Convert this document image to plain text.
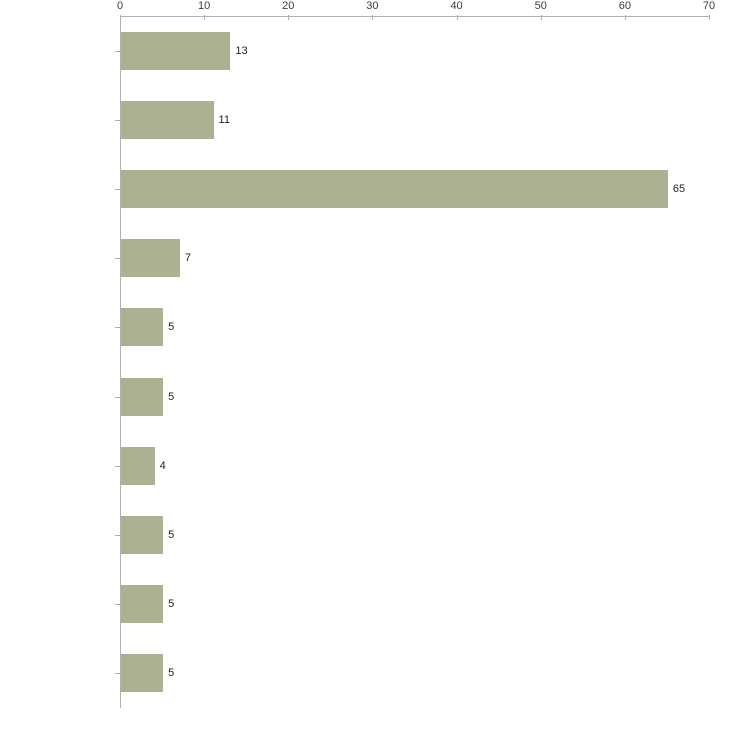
0	10	20	30	40	50	60	70
13
11
65
7
5
5
4
5
5
5
